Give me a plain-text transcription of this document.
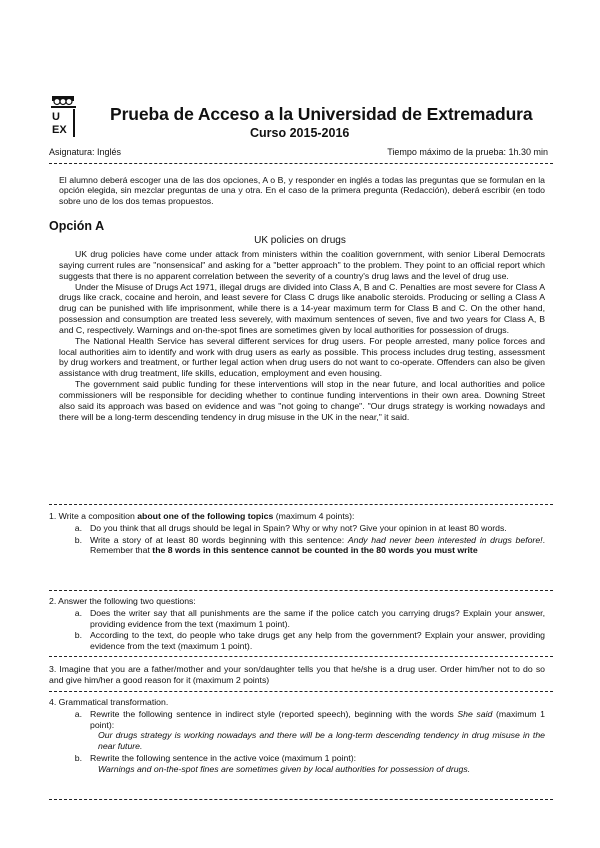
U
EX
Prueba de Acceso a la Universidad de Extremadura
Curso 2015-2016
Asignatura: Inglés	Tiempo máximo de la prueba: 1h.30 min
El alumno deberá escoger una de las dos opciones, A o B, y responder en inglés a todas las preguntas que se formulan en la opción elegida, sin mezclar preguntas de una y otra. En el caso de la primera pregunta (Redacción), deberá escribir (en todo sobre uno de los dos temas propuestos.
Opción A
UK policies on drugs

UK drug policies have come under attack from ministers within the coalition government, with senior Liberal Democrats saying current rules are "nonsensical" and asking for a "better approach" to the problem. They point to an official report which suggests that there is no apparent correlation between the severity of a country's drug laws and the level of drug use.

Under the Misuse of Drugs Act 1971, illegal drugs are divided into Class A, B and C. Penalties are most severe for Class A drugs like crack, cocaine and heroin, and least severe for Class C drugs like anabolic steroids. Producing or selling a Class A drug can be punished with life imprisonment, while there is a 14-year maximum term for Class B and C. On the other hand, possession and consumption are treated less severely, with maximum sentences of seven, five and two years for Class A, B and C, respectively. Warnings and on-the-spot fines are sometimes given by local authorities for possession of drugs.

The National Health Service has several different services for drug users. For people arrested, many police forces and local authorities aim to identify and work with drug users as early as possible. This process includes drug testing, assessment by drug workers and treatment, or further legal action when drug users do not want to co-operate. Offenders can also be given assistance with drug treatment, life skills, education, employment and even housing.

The government said public funding for these interventions will stop in the near future, and local authorities and police commissioners will be responsible for deciding whether to continue funding interventions in their own area. Downing Street also said its approach was based on evidence and was "not going to change". "Our drugs strategy is working nowadays and there will be a long-term descending tendency in drug misuse in the UK in the near," it said.

1. Write a composition about one of the following topics (maximum 4 points):
a. Do you think that all drugs should be legal in Spain? Why or why not? Give your opinion in at least 80 words.
b. Write a story of at least 80 words beginning with this sentence: Andy had never been interested in drugs before!. Remember that the 8 words in this sentence cannot be counted in the 80 words you must write
2. Answer the following two questions:
a. Does the writer say that all punishments are the same if the police catch you carrying drugs? Explain your answer, providing evidence from the text (maximum 1 point).
b. According to the text, do people who take drugs get any help from the government? Explain your answer, providing evidence from the text (maximum 1 point).
3. Imagine that you are a father/mother and your son/daughter tells you that he/she is a drug user. Order him/her not to do so and give him/her a good reason for it (maximum 2 points)
4. Grammatical transformation.
a. Rewrite the following sentence in indirect style (reported speech), beginning with the words She said (maximum 1 point):
Our drugs strategy is working nowadays and there will be a long-term descending tendency in drug misuse in the near future.
b. Rewrite the following sentence in the active voice (maximum 1 point):
Warnings and on-the-spot fines are sometimes given by local authorities for possession of drugs.
